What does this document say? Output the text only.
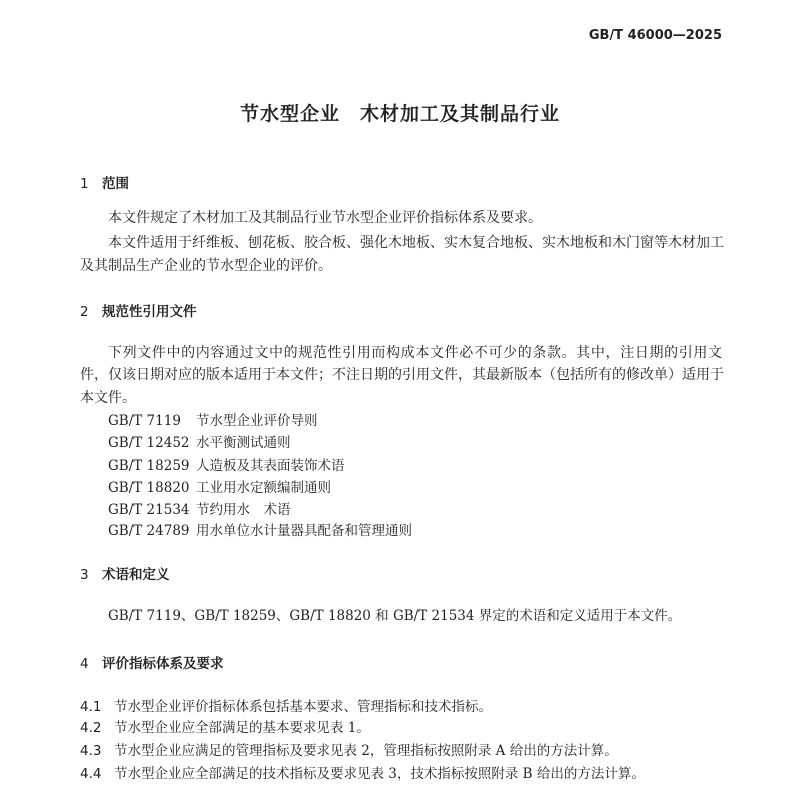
GB/T 46000—2025
节水型企业　木材加工及其制品行业
1 范围
本文件规定了木材加工及其制品行业节水型企业评价指标体系及要求。
本文件适用于纤维板、刨花板、胶合板、强化木地板、实木复合地板、实木地板和木门窗等木材加工
及其制品生产企业的节水型企业的评价。
2 规范性引用文件
下列文件中的内容通过文中的规范性引用而构成本文件必不可少的条款。其中，注日期的引用文
件，仅该日期对应的版本适用于本文件；不注日期的引用文件，其最新版本（包括所有的修改单）适用于
本文件。
GB/T 7119 节水型企业评价导则
GB/T 12452 水平衡测试通则
GB/T 18259 人造板及其表面装饰术语
GB/T 18820 工业用水定额编制通则
GB/T 21534 节约用水　术语
GB/T 24789 用水单位水计量器具配备和管理通则
3 术语和定义
GB/T 7119、GB/T 18259、GB/T 18820 和 GB/T 21534 界定的术语和定义适用于本文件。
4 评价指标体系及要求
4.1 节水型企业评价指标体系包括基本要求、管理指标和技术指标。
4.2 节水型企业应全部满足的基本要求见表 1。
4.3 节水型企业应满足的管理指标及要求见表 2，管理指标按照附录 A 给出的方法计算。
4.4 节水型企业应全部满足的技术指标及要求见表 3，技术指标按照附录 B 给出的方法计算。
